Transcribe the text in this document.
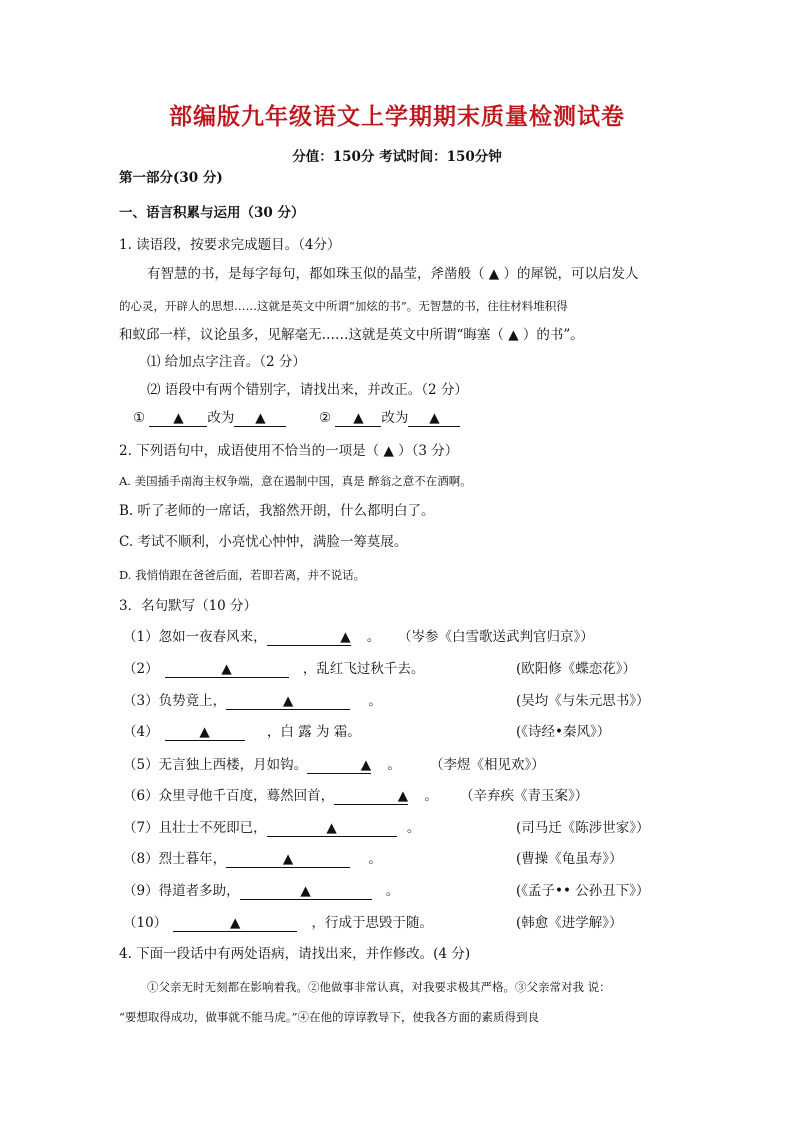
部编版九年级语文上学期期末质量检测试卷
分值：150分 考试时间：150分钟
第一部分(30 分)
一、语言积累与运用（30 分）
1. 读语段，按要求完成题目。（4分）
有智慧的书，是每字每句，都如珠玉似的晶莹，斧凿般（ ▲ ）的犀锐，可以启发人
的心灵，开辟人的思想……这就是英文中所谓“加炫的书”。无智慧的书，往往材料堆积得
和蚁邱一样，议论虽多，见解毫无……这就是英文中所谓“晦塞（ ▲ ）的书”。
⑴ 给加点字注音。（2 分）
⑵ 语段中有两个错别字，请找出来，并改正。（2 分）
① ▲ 改为 ▲	② ▲ 改为 ▲
2. 下列语句中，成语使用不恰当的一项是（ ▲ ）（3 分）
A. 美国插手南海主权争端，意在遏制中国，真是 醉翁之意不在酒啊。
B. 听了老师的一席话，我豁然开朗，什么都明白了。
C. 考试不顺利，小亮忧心忡忡，满脸一筹莫展。
D. 我悄悄跟在爸爸后面，若即若离，并不说话。
3．名句默写（10 分）
（1）忽如一夜春风来，	▲ 。 （岑参《白雪歌送武判官归京》）
（2）	▲	，乱红飞过秋千去。	(欧阳修《蝶恋花》）
（3）负势竟上，	▲	。	(吴均《与朱元思书》）
（4）	▲	，白 露 为 霜。	(《诗经•秦风》）
（5）无言独上西楼，月如钩。	▲ 。 （李煜《相见欢》）
（6）众里寻他千百度，蓦然回首，	▲ 。 （辛弃疾《青玉案》）
（7）且壮士不死即已，	▲	。	(司马迁《陈涉世家》）
（8）烈士暮年，	▲	。	(曹操《龟虽寿》）
（9）得道者多助，	▲	。	(《孟子•• 公孙丑下》）
（10）	▲	，行成于思毁于随。	(韩愈《进学解》）
4. 下面一段话中有两处语病，请找出来，并作修改。(4 分)
①父亲无时无刻都在影响着我。②他做事非常认真，对我要求极其严格。③父亲常对我 说：
“要想取得成功，做事就不能马虎。”④在他的谆谆教导下，使我各方面的素质得到良
